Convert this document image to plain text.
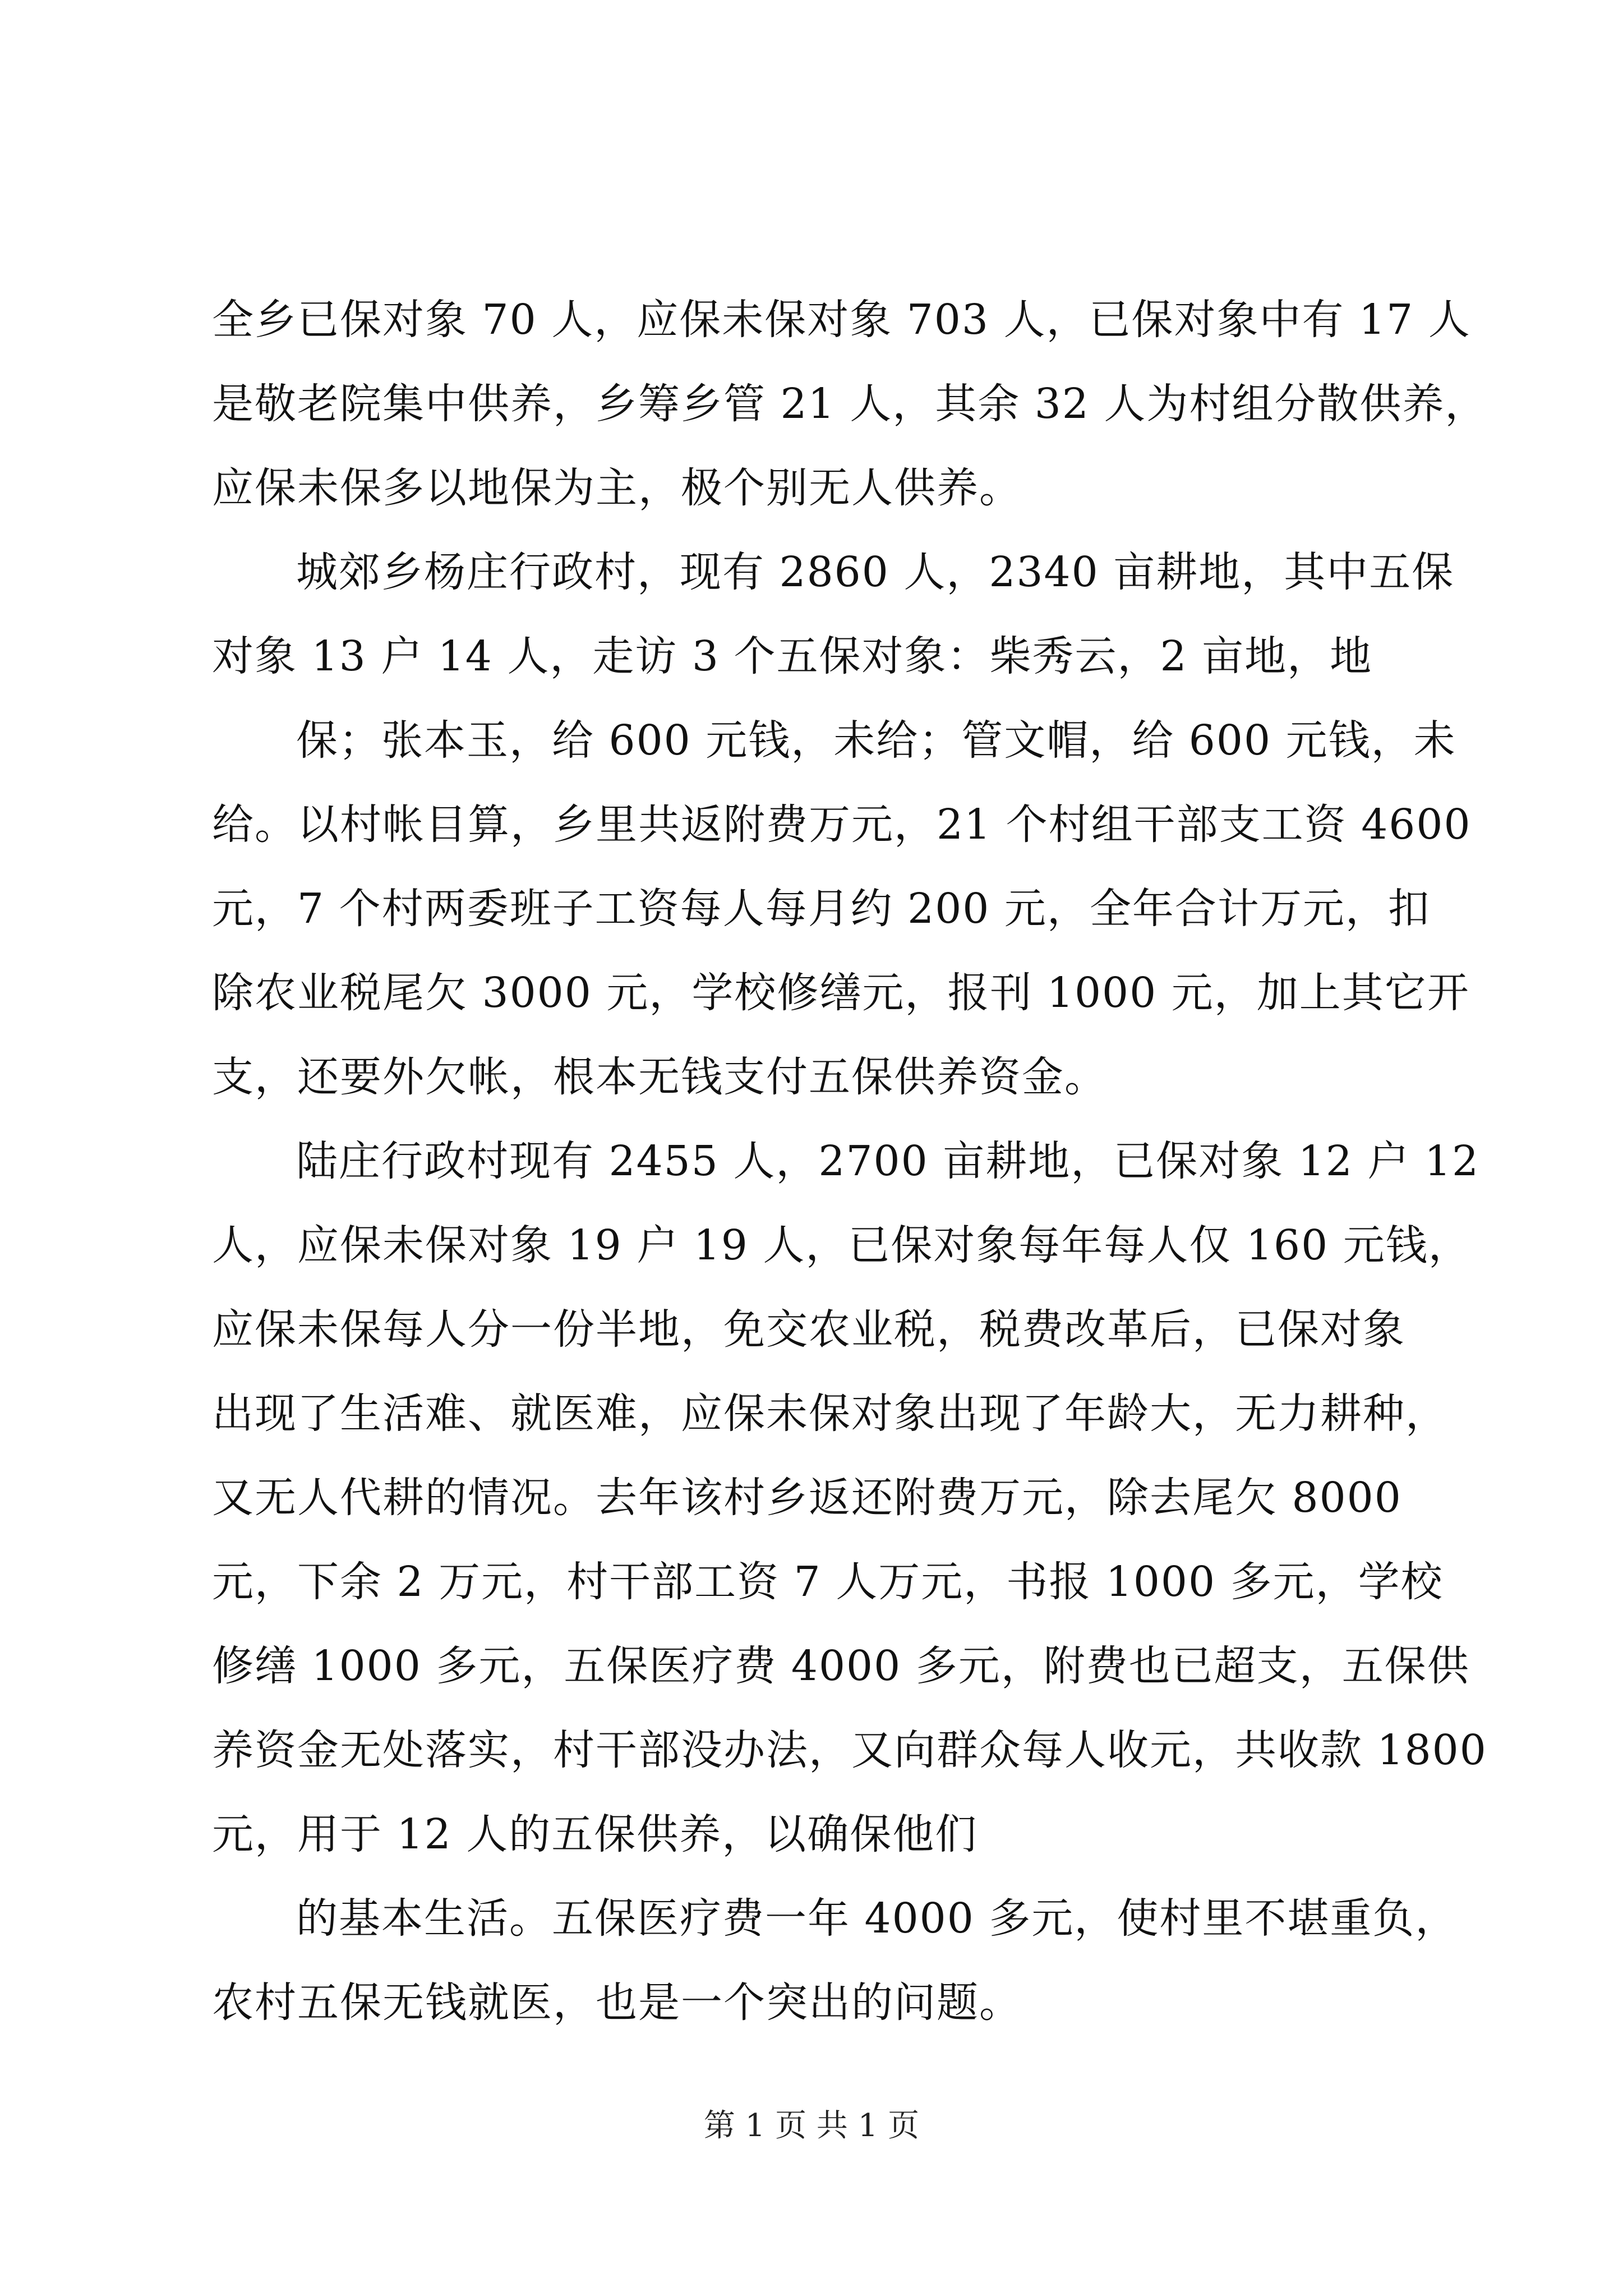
全乡已保对象 70 人，应保未保对象 703 人，已保对象中有 17 人
是敬老院集中供养，乡筹乡管 21 人，其余 32 人为村组分散供养，
应保未保多以地保为主，极个别无人供养。
城郊乡杨庄行政村，现有 2860 人，2340 亩耕地，其中五保
对象 13 户 14 人，走访 3 个五保对象：柴秀云，2 亩地，地
保；张本玉，给 600 元钱，未给；管文帽，给 600 元钱，未
给。以村帐目算，乡里共返附费万元，21 个村组干部支工资 4600
元，7 个村两委班子工资每人每月约 200 元，全年合计万元，扣
除农业税尾欠 3000 元，学校修缮元，报刊 1000 元，加上其它开
支，还要外欠帐，根本无钱支付五保供养资金。
陆庄行政村现有 2455 人，2700 亩耕地，已保对象 12 户 12
人，应保未保对象 19 户 19 人，已保对象每年每人仅 160 元钱，
应保未保每人分一份半地，免交农业税，税费改革后，已保对象
出现了生活难、就医难，应保未保对象出现了年龄大，无力耕种，
又无人代耕的情况。去年该村乡返还附费万元，除去尾欠 8000
元，下余 2 万元，村干部工资 7 人万元，书报 1000 多元，学校
修缮 1000 多元，五保医疗费 4000 多元，附费也已超支，五保供
养资金无处落实，村干部没办法，又向群众每人收元，共收款 1800
元，用于 12 人的五保供养，以确保他们
的基本生活。五保医疗费一年 4000 多元，使村里不堪重负，
农村五保无钱就医，也是一个突出的问题。
第 1 页 共 1 页
